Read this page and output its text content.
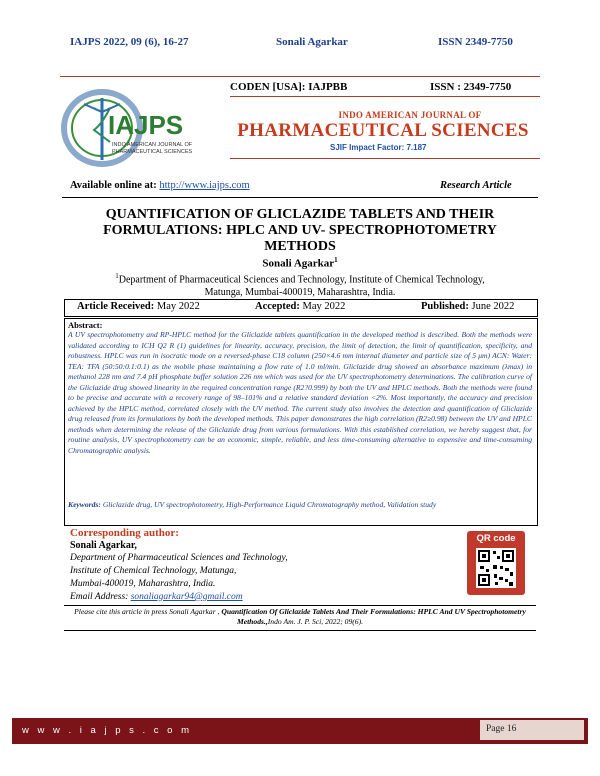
IAJPS 2022, 09 (6), 16-27	Sonali Agarkar	ISSN 2349-7750
CODEN [USA]: IAJPBB	ISSN : 2349-7750
IAJPS
INDO AMERICAN JOURNAL OF
PHARMACEUTICAL SCIENCES
INDO AMERICAN JOURNAL OF
PHARMACEUTICAL SCIENCES
SJIF Impact Factor: 7.187
Available online at: http://www.iajps.com	Research Article
QUANTIFICATION OF GLICLAZIDE TABLETS AND THEIR
FORMULATIONS: HPLC AND UV- SPECTROPHOTOMETRY
METHODS
Sonali Agarkar$^1$
$^1$Department of Pharmaceutical Sciences and Technology, Institute of Chemical Technology,
Matunga, Mumbai-400019, Maharashtra, India.
Article Received: May 2022	Accepted: May 2022	Published: June 2022
Abstract:
A UV spectrophotometry and RP-HPLC method for the Gliclazide tablets quantification in the developed method is described. Both the methods were validated according to ICH Q2 R (1) guidelines for linearity, accuracy, precision, the limit of detection, the limit of quantification, specificity, and robustness. HPLC was run in isocratic mode on a reversed-phase C18 column (250×4.6 mm internal diameter and particle size of 5 μm) ACN: Water: TEA: TFA (50:50:0.1:0.1) as the mobile phase maintaining a flow rate of 1.0 ml/min. Gliclazide drug showed an absorbance maximum (λmax) in methanol 228 nm and 7.4 pH phosphate buffer solution 226 nm which was used for the UV spectrophotometry determinations. The calibration curve of the Gliclazide drug showed linearity in the required concentration range (R2?0.999) by both the UV and HPLC methods. Both the methods were found to be precise and accurate with a recovery range of 98–101% and a relative standard deviation <2%. Most importantly, the accuracy and precision achieved by the HPLC method, correlated closely with the UV method. The current study also involves the detection and quantification of Gliclazide drug released from its formulations by both the developed methods. This paper demonstrates the high correlation (R2≥0.98) between the UV and HPLC methods when determining the release of the Gliclazide drug from various formulations. With this established correlation, we hereby suggest that, for routine analysis, UV spectrophotometry can be an economic, simple, reliable, and less time-consuming alternative to expensive and time-consuming Chromatographic analysis.
Keywords: Gliclazide drug, UV spectrophotometry, High-Performance Liquid Chromatography method, Validation study
Corresponding author:
Sonali Agarkar,
Department of Pharmaceutical Sciences and Technology,
Institute of Chemical Technology, Matunga,
Mumbai-400019, Maharashtra, India.
Email Address: sonaliagarkar94@gmail.com
QR code
Please cite this article in press Sonali Agarkar , Quantification Of Gliclazide Tablets And Their Formulations: HPLC And UV Spectrophotometry Methods.,Indo Am. J. P. Sci, 2022; 09(6).
w w w . i a j p s . c o m	Page 16
